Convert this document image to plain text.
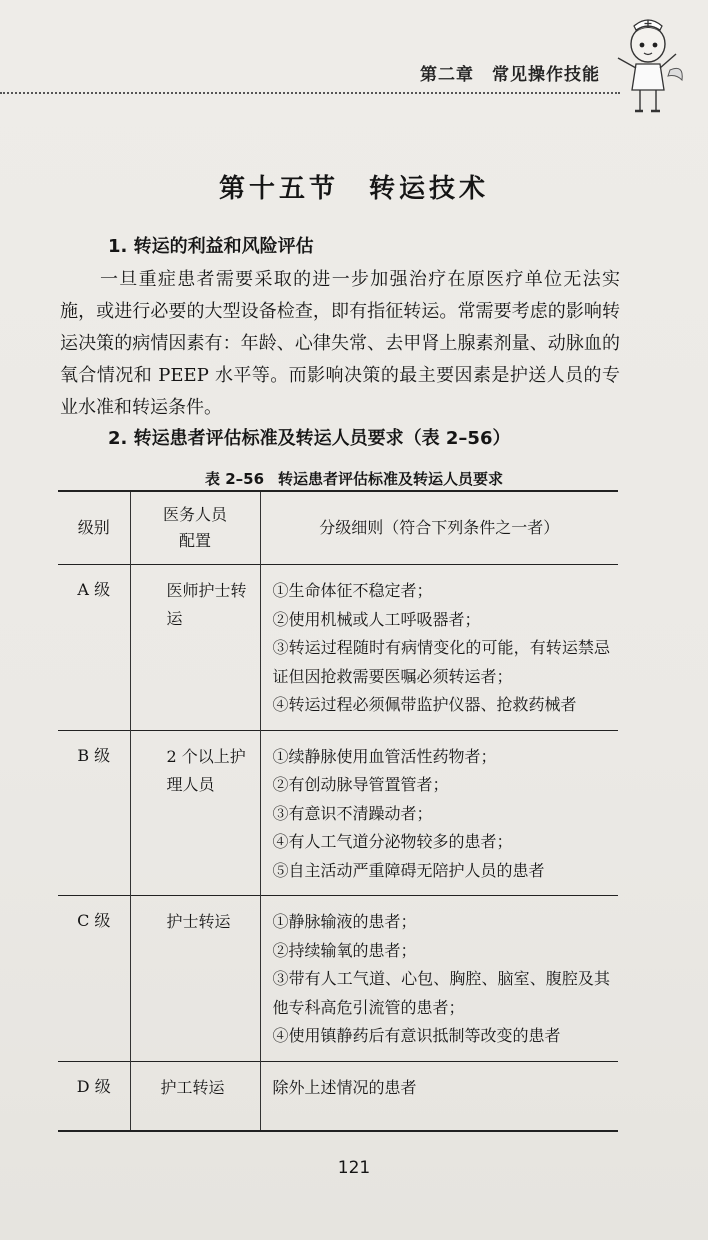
第二章　常见操作技能
第十五节　转运技术
1. 转运的利益和风险评估
一旦重症患者需要采取的进一步加强治疗在原医疗单位无法实施，或进行必要的大型设备检查，即有指征转运。常需要考虑的影响转运决策的病情因素有：年龄、心律失常、去甲肾上腺素剂量、动脉血的氧合情况和 PEEP 水平等。而影响决策的最主要因素是护送人员的专业水准和转运条件。
2. 转运患者评估标准及转运人员要求（表 2–56）
表 2–56 转运患者评估标准及转运人员要求
级别	医务人员配置	分级细则（符合下列条件之一者）
A 级	医师护士转运	①生命体征不稳定者；
②使用机械或人工呼吸器者；
③转运过程随时有病情变化的可能，有转运禁忌证但因抢救需要医嘱必须转运者；
④转运过程必须佩带监护仪器、抢救药械者

B 级	2 个以上护理人员	①续静脉使用血管活性药物者；
②有创动脉导管置管者；
③有意识不清躁动者；
④有人工气道分泌物较多的患者；
⑤自主活动严重障碍无陪护人员的患者

C 级	护士转运	①静脉输液的患者；
②持续输氧的患者；
③带有人工气道、心包、胸腔、脑室、腹腔及其他专科高危引流管的患者；
④使用镇静药后有意识抵制等改变的患者

D 级	护工转运	除外上述情况的患者
121
